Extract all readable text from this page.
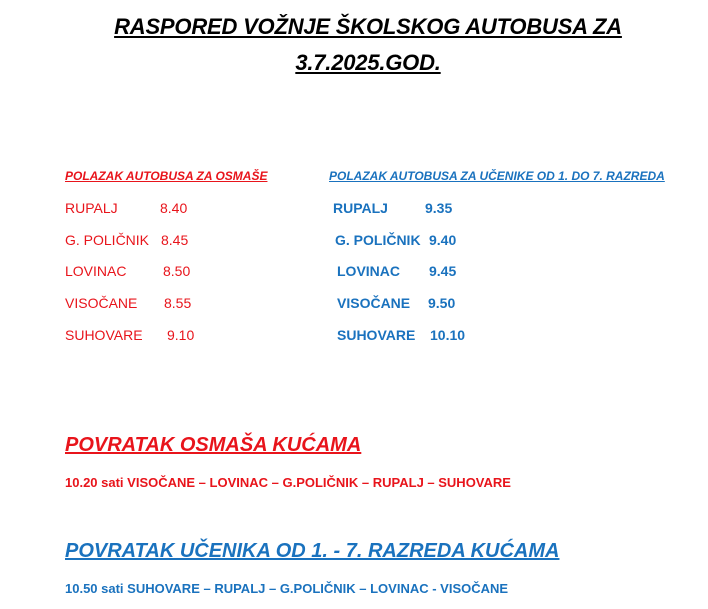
RASPORED VOŽNJE ŠKOLSKOG AUTOBUSA ZA
3.7.2025.GOD.
POLAZAK AUTOBUSA ZA OSMAŠE	POLAZAK AUTOBUSA ZA UČENIKE OD 1. DO 7. RAZREDA
RUPALJ	8.40
G. POLIČNIK 8.45
LOVINAC	8.50
VISOČANE 8.55
SUHOVARE 9.10
RUPALJ	9.35
G. POLIČNIK 9.40
LOVINAC 9.45
VISOČANE 9.50
SUHOVARE 10.10
POVRATAK OSMAŠA KUĆAMA
10.20 sati VISOČANE – LOVINAC – G.POLIČNIK – RUPALJ – SUHOVARE
POVRATAK UČENIKA OD 1. - 7. RAZREDA KUĆAMA
10.50 sati SUHOVARE – RUPALJ – G.POLIČNIK – LOVINAC - VISOČANE
